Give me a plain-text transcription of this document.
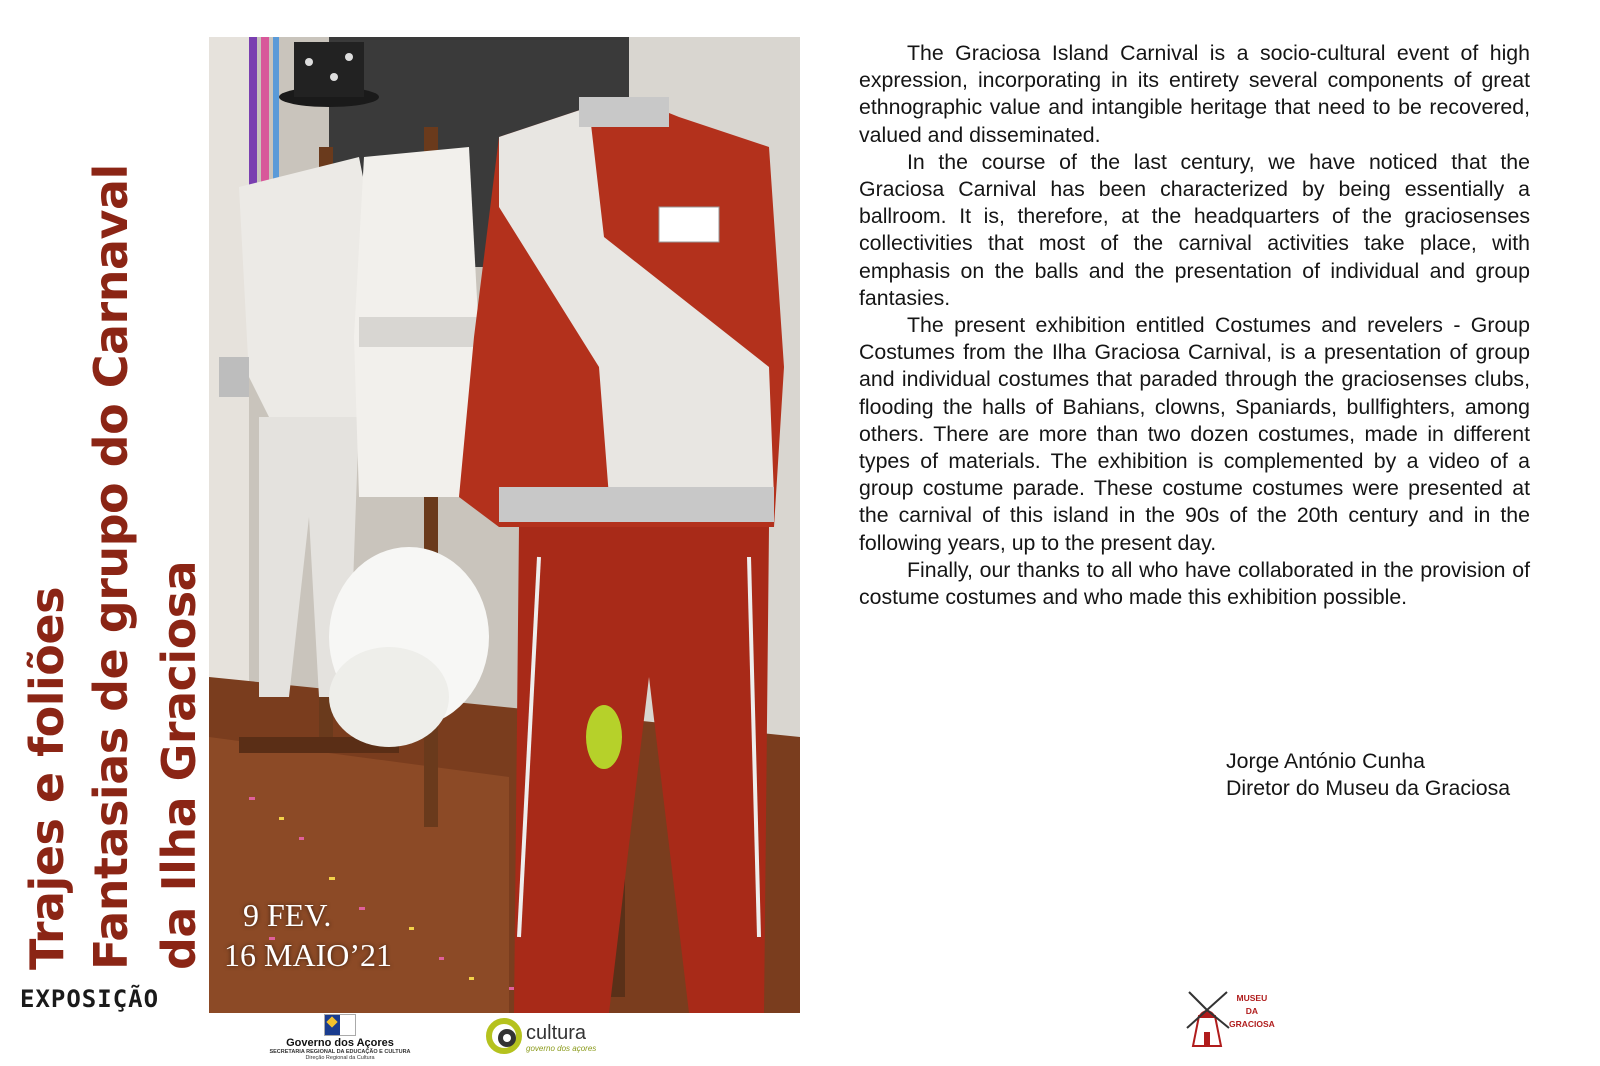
Trajes e foliões Fantasias de grupo do Carnaval da Ilha Graciosa
EXPOSIÇÃO
9 FEV.
16 MAIO’21
Governo dos Açores
SECRETARIA REGIONAL DA EDUCAÇÃO E CULTURA
Direção Regional da Cultura
cultura
governo dos açores

The Graciosa Island Carnival is a socio-cultural event of high expression, incorporating in its entirety several components of great ethnographic value and intangible heritage that need to be recovered, valued and disseminated.

In the course of the last century, we have noticed that the Graciosa Carnival has been characterized by being essentially a ballroom. It is, therefore, at the headquarters of the graciosenses collectivities that most of the carnival activities take place, with emphasis on the balls and the presentation of individual and group fantasies.

The present exhibition entitled Costumes and revelers - Group Costumes from the Ilha Graciosa Carnival, is a presentation of group and individual costumes that paraded through the graciosenses clubs, flooding the halls of Bahians, clowns, Spaniards, bullfighters, among others. There are more than two dozen costumes, made in different types of materials. The exhibition is complemented by a video of a group costume parade. These costume costumes were presented at the carnival of this island in the 90s of the 20th century and in the following years, up to the present day.

Finally, our thanks to all who have collaborated in the provision of costume costumes and who made this exhibition possible.

Jorge António Cunha
Diretor do Museu da Graciosa
MUSEU
DA
GRACIOSA
